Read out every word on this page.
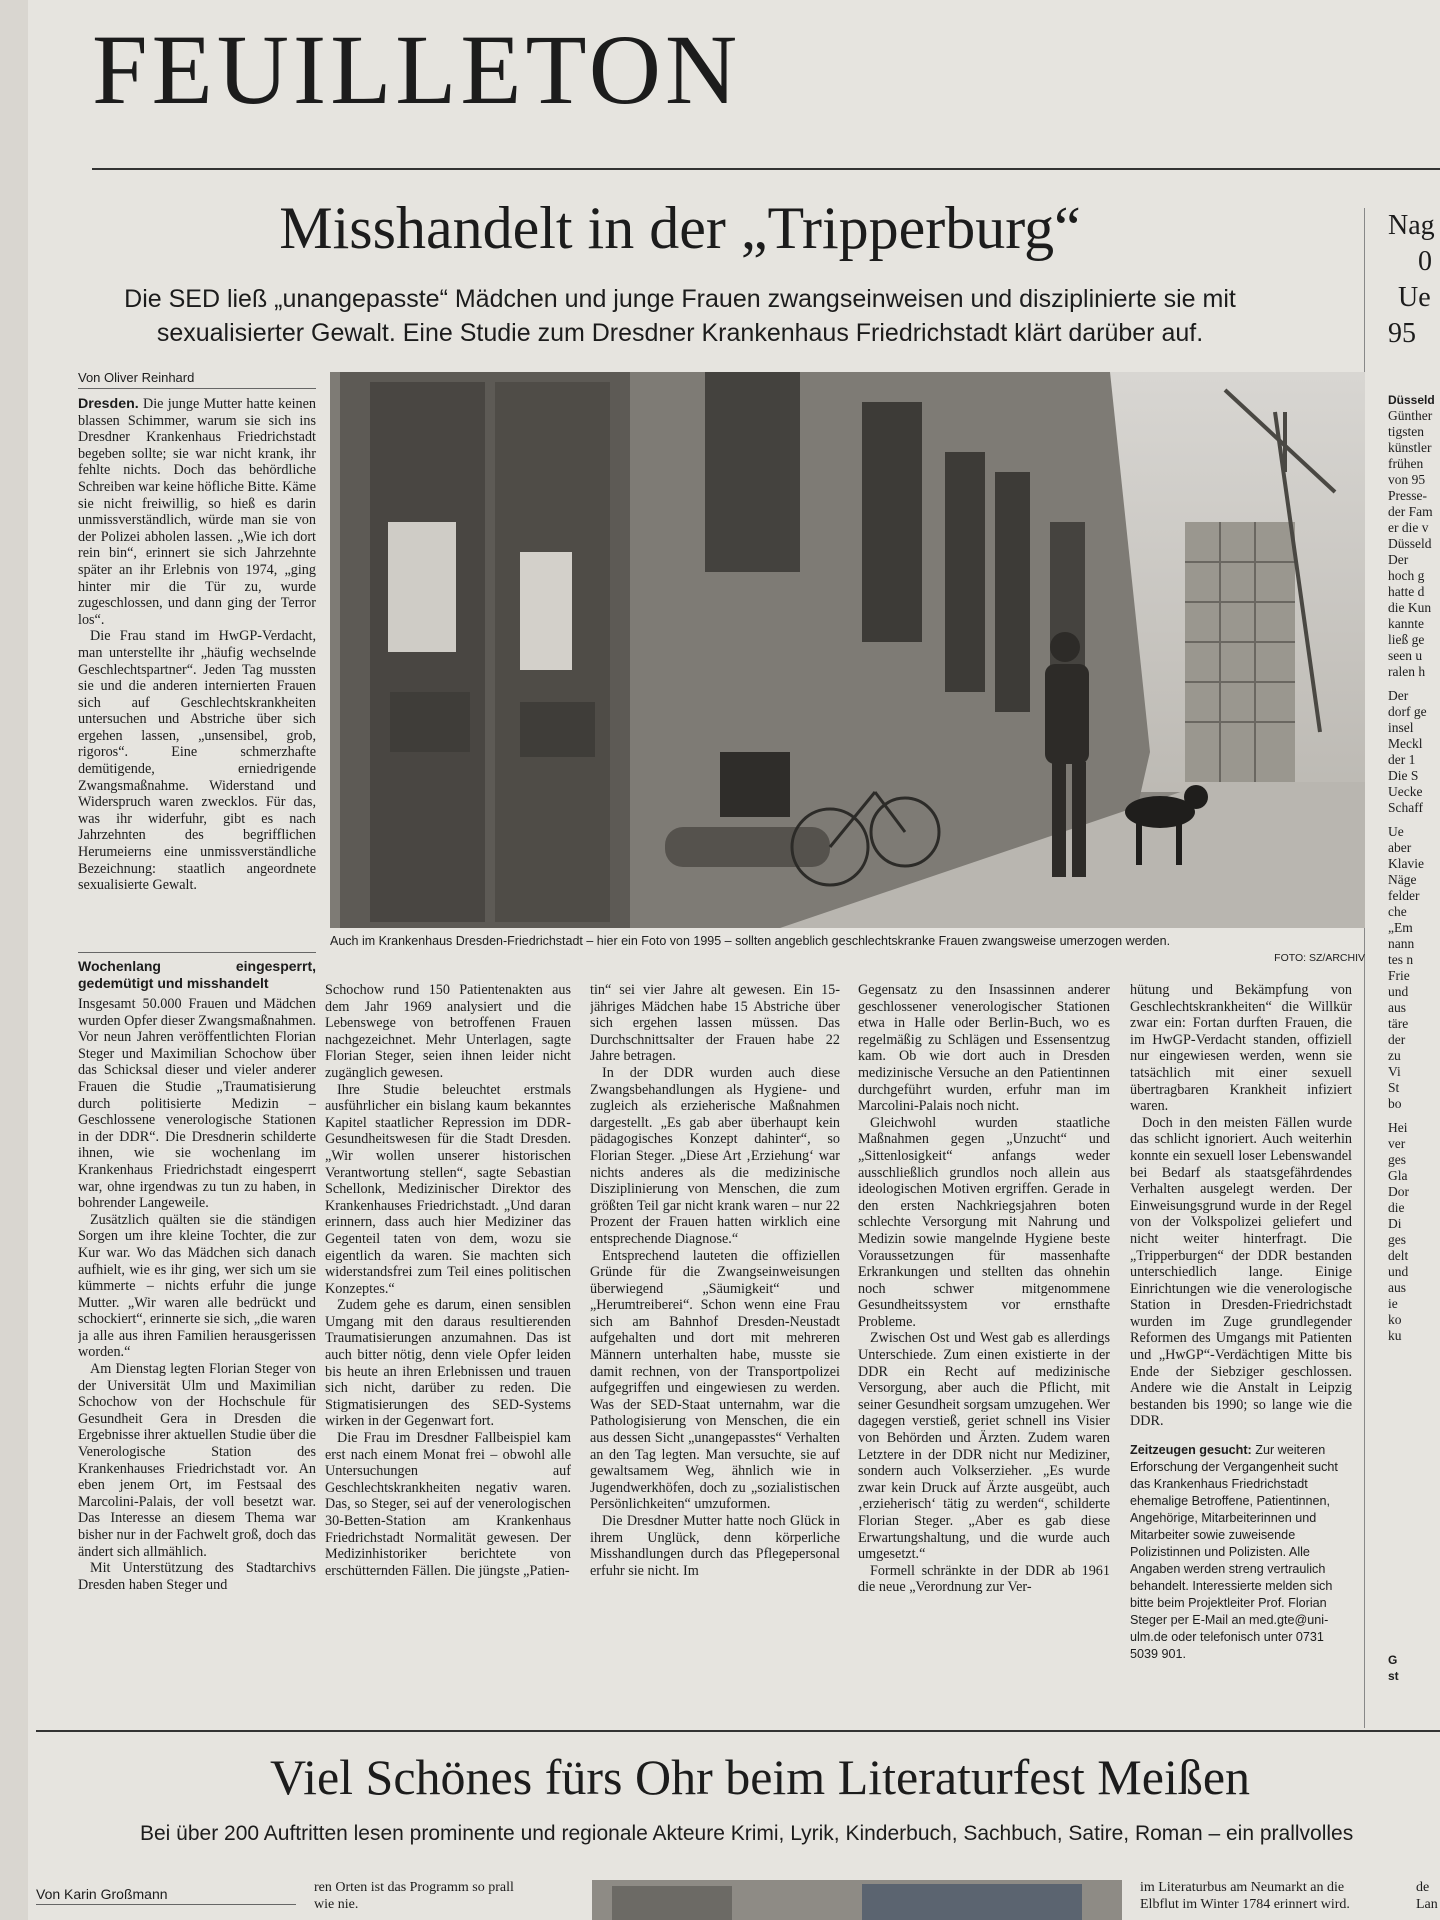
FEUILLETON
Misshandelt in der „Tripperburg“
Die SED ließ „unangepasste“ Mädchen und junge Frauen zwangseinweisen und disziplinierte sie mit sexualisierter Gewalt. Eine Studie zum Dresdner Krankenhaus Friedrichstadt klärt darüber auf.
Von Oliver Reinhard

Dresden. Die junge Mutter hatte keinen blassen Schimmer, warum sie sich ins Dresdner Krankenhaus Friedrichstadt begeben sollte; sie war nicht krank, ihr fehlte nichts. Doch das behördliche Schreiben war keine höfliche Bitte. Käme sie nicht freiwillig, so hieß es darin unmissverständlich, würde man sie von der Polizei abholen lassen. „Wie ich dort rein bin“, erinnert sie sich Jahrzehnte später an ihr Erlebnis von 1974, „ging hinter mir die Tür zu, wurde zugeschlossen, und dann ging der Terror los“.

Die Frau stand im HwGP-Verdacht, man unterstellte ihr „häufig wechselnde Geschlechtspartner“. Jeden Tag mussten sie und die anderen internierten Frauen sich auf Geschlechtskrankheiten untersuchen und Abstriche über sich ergehen lassen, „unsensibel, grob, rigoros“. Eine schmerzhafte demütigende, erniedrigende Zwangsmaßnahme. Widerstand und Widerspruch waren zwecklos. Für das, was ihr widerfuhr, gibt es nach Jahrzehnten des begrifflichen Herumeierns eine unmissverständliche Bezeichnung: staatlich angeordnete sexualisierte Gewalt.

Wochenlang eingesperrt, gedemütigt und misshandelt

Insgesamt 50.000 Frauen und Mädchen wurden Opfer dieser Zwangsmaßnahmen. Vor neun Jahren veröffentlichten Florian Steger und Maximilian Schochow über das Schicksal dieser und vieler anderer Frauen die Studie „Traumatisierung durch politisierte Medizin – Geschlossene venerologische Stationen in der DDR“. Die Dresdnerin schilderte ihnen, wie sie wochenlang im Krankenhaus Friedrichstadt eingesperrt war, ohne irgendwas zu tun zu haben, in bohrender Langeweile.

Zusätzlich quälten sie die ständigen Sorgen um ihre kleine Tochter, die zur Kur war. Wo das Mädchen sich danach aufhielt, wie es ihr ging, wer sich um sie kümmerte – nichts erfuhr die junge Mutter. „Wir waren alle bedrückt und schockiert“, erinnerte sie sich, „die waren ja alle aus ihren Familien herausgerissen worden.“

Am Dienstag legten Florian Steger von der Universität Ulm und Maximilian Schochow von der Hochschule für Gesundheit Gera in Dresden die Ergebnisse ihrer aktuellen Studie über die Venerologische Station des Krankenhauses Friedrichstadt vor. An eben jenem Ort, im Festsaal des Marcolini-Palais, der voll besetzt war. Das Interesse an diesem Thema war bisher nur in der Fachwelt groß, doch das ändert sich allmählich.

Mit Unterstützung des Stadtarchivs Dresden haben Steger und

Auch im Krankenhaus Dresden-Friedrichstadt – hier ein Foto von 1995 – sollten angeblich geschlechtskranke Frauen zwangsweise umerzogen werden.
FOTO: SZ/ARCHIV

Schochow rund 150 Patientenakten aus dem Jahr 1969 analysiert und die Lebenswege von betroffenen Frauen nachgezeichnet. Mehr Unterlagen, sagte Florian Steger, seien ihnen leider nicht zugänglich gewesen.

Ihre Studie beleuchtet erstmals ausführlicher ein bislang kaum bekanntes Kapitel staatlicher Repression im DDR-Gesundheitswesen für die Stadt Dresden. „Wir wollen unserer historischen Verantwortung stellen“, sagte Sebastian Schellonk, Medizinischer Direktor des Krankenhauses Friedrichstadt. „Und daran erinnern, dass auch hier Mediziner das Gegenteil taten von dem, wozu sie eigentlich da waren. Sie machten sich widerstandsfrei zum Teil eines politischen Konzeptes.“

Zudem gehe es darum, einen sensiblen Umgang mit den daraus resultierenden Traumatisierungen anzumahnen. Das ist auch bitter nötig, denn viele Opfer leiden bis heute an ihren Erlebnissen und trauen sich nicht, darüber zu reden. Die Stigmatisierungen des SED-Systems wirken in der Gegenwart fort.

Die Frau im Dresdner Fallbeispiel kam erst nach einem Monat frei – obwohl alle Untersuchungen auf Geschlechtskrankheiten negativ waren. Das, so Steger, sei auf der venerologischen 30-Betten-Station am Krankenhaus Friedrichstadt Normalität gewesen. Der Medizinhistoriker berichtete von erschütternden Fällen. Die jüngste „Patien-

tin“ sei vier Jahre alt gewesen. Ein 15-jähriges Mädchen habe 15 Abstriche über sich ergehen lassen müssen. Das Durchschnittsalter der Frauen habe 22 Jahre betragen.

In der DDR wurden auch diese Zwangsbehandlungen als Hygiene- und zugleich als erzieherische Maßnahmen dargestellt. „Es gab aber überhaupt kein pädagogisches Konzept dahinter“, so Florian Steger. „Diese Art ‚Erziehung‘ war nichts anderes als die medizinische Disziplinierung von Menschen, die zum größten Teil gar nicht krank waren – nur 22 Prozent der Frauen hatten wirklich eine entsprechende Diagnose.“

Entsprechend lauteten die offiziellen Gründe für die Zwangseinweisungen überwiegend „Säumigkeit“ und „Herumtreiberei“. Schon wenn eine Frau sich am Bahnhof Dresden-Neustadt aufgehalten und dort mit mehreren Männern unterhalten habe, musste sie damit rechnen, von der Transportpolizei aufgegriffen und eingewiesen zu werden. Was der SED-Staat unternahm, war die Pathologisierung von Menschen, die ein aus dessen Sicht „unangepasstes“ Verhalten an den Tag legten. Man versuchte, sie auf gewaltsamem Weg, ähnlich wie in Jugendwerkhöfen, doch zu „sozialistischen Persönlichkeiten“ umzuformen.

Die Dresdner Mutter hatte noch Glück in ihrem Unglück, denn körperliche Misshandlungen durch das Pflegepersonal erfuhr sie nicht. Im

Gegensatz zu den Insassinnen anderer geschlossener venerologischer Stationen etwa in Halle oder Berlin-Buch, wo es regelmäßig zu Schlägen und Essensentzug kam. Ob wie dort auch in Dresden medizinische Versuche an den Patientinnen durchgeführt wurden, erfuhr man im Marcolini-Palais noch nicht.

Gleichwohl wurden staatliche Maßnahmen gegen „Unzucht“ und „Sittenlosigkeit“ anfangs weder ausschließlich grundlos noch allein aus ideologischen Motiven ergriffen. Gerade in den ersten Nachkriegsjahren boten schlechte Versorgung mit Nahrung und Medizin sowie mangelnde Hygiene beste Voraussetzungen für massenhafte Erkrankungen und stellten das ohnehin noch schwer mitgenommene Gesundheitssystem vor ernsthafte Probleme.

Zwischen Ost und West gab es allerdings Unterschiede. Zum einen existierte in der DDR ein Recht auf medizinische Versorgung, aber auch die Pflicht, mit seiner Gesundheit sorgsam umzugehen. Wer dagegen verstieß, geriet schnell ins Visier von Behörden und Ärzten. Zudem waren Letztere in der DDR nicht nur Mediziner, sondern auch Volkserzieher. „Es wurde zwar kein Druck auf Ärzte ausgeübt, auch ‚erzieherisch‘ tätig zu werden“, schilderte Florian Steger. „Aber es gab diese Erwartungshaltung, und die wurde auch umgesetzt.“

Formell schränkte in der DDR ab 1961 die neue „Verordnung zur Ver-

hütung und Bekämpfung von Geschlechtskrankheiten“ die Willkür zwar ein: Fortan durften Frauen, die im HwGP-Verdacht standen, offiziell nur eingewiesen werden, wenn sie tatsächlich mit einer sexuell übertragbaren Krankheit infiziert waren.

Doch in den meisten Fällen wurde das schlicht ignoriert. Auch weiterhin konnte ein sexuell loser Lebenswandel bei Bedarf als staatsgefährdendes Verhalten ausgelegt werden. Der Einweisungsgrund wurde in der Regel von der Volkspolizei geliefert und nicht weiter hinterfragt. Die „Tripperburgen“ der DDR bestanden unterschiedlich lange. Einige Einrichtungen wie die venerologische Station in Dresden-Friedrichstadt wurden im Zuge grundlegender Reformen des Umgangs mit Patienten und „HwGP“-Verdächtigen Mitte bis Ende der Siebziger geschlossen. Andere wie die Anstalt in Leipzig bestanden bis 1990; so lange wie die DDR.

Zeitzeugen gesucht: Zur weiteren Erforschung der Vergangenheit sucht das Krankenhaus Friedrichstadt ehemalige Betroffene, Patientinnen, Angehörige, Mitarbeiterinnen und Mitarbeiter sowie zuweisende Polizistinnen und Polizisten. Alle Angaben werden streng vertraulich behandelt. Interessierte melden sich bitte beim Projektleiter Prof. Florian Steger per E-Mail an med.gte@uni-ulm.de oder telefonisch unter 0731 5039 901.
Nag
0
Ue
95
Düsseld
Günther
tigsten
künstler
frühen
von 95
Presse-
der Fam
er die v
Düsseld
Der
hoch g
hatte d
die Kun
kannte
ließ ge
seen u
ralen h
Der
dorf ge
insel
Meckl
der 1
Die S
Uecke
Schaff
Ue
aber
Klavie
Näge
felder
che
„Em
nann
tes n
Frie
und
aus
täre
der
zu
Vi
St
bo
Hei
ver
ges
Gla
Dor
die
Di
ges
delt
und
aus
ie
ko
ku
G
st
Viel Schönes fürs Ohr beim Literaturfest Meißen
Bei über 200 Auftritten lesen prominente und regionale Akteure Krimi, Lyrik, Kinderbuch, Sachbuch, Satire, Roman – ein prallvolles
Von Karin Großmann	ren Orten ist das Programm so prall
wie nie.
im Literaturbus am Neumarkt an die
Elbflut im Winter 1784 erinnert wird.
de
Lan
